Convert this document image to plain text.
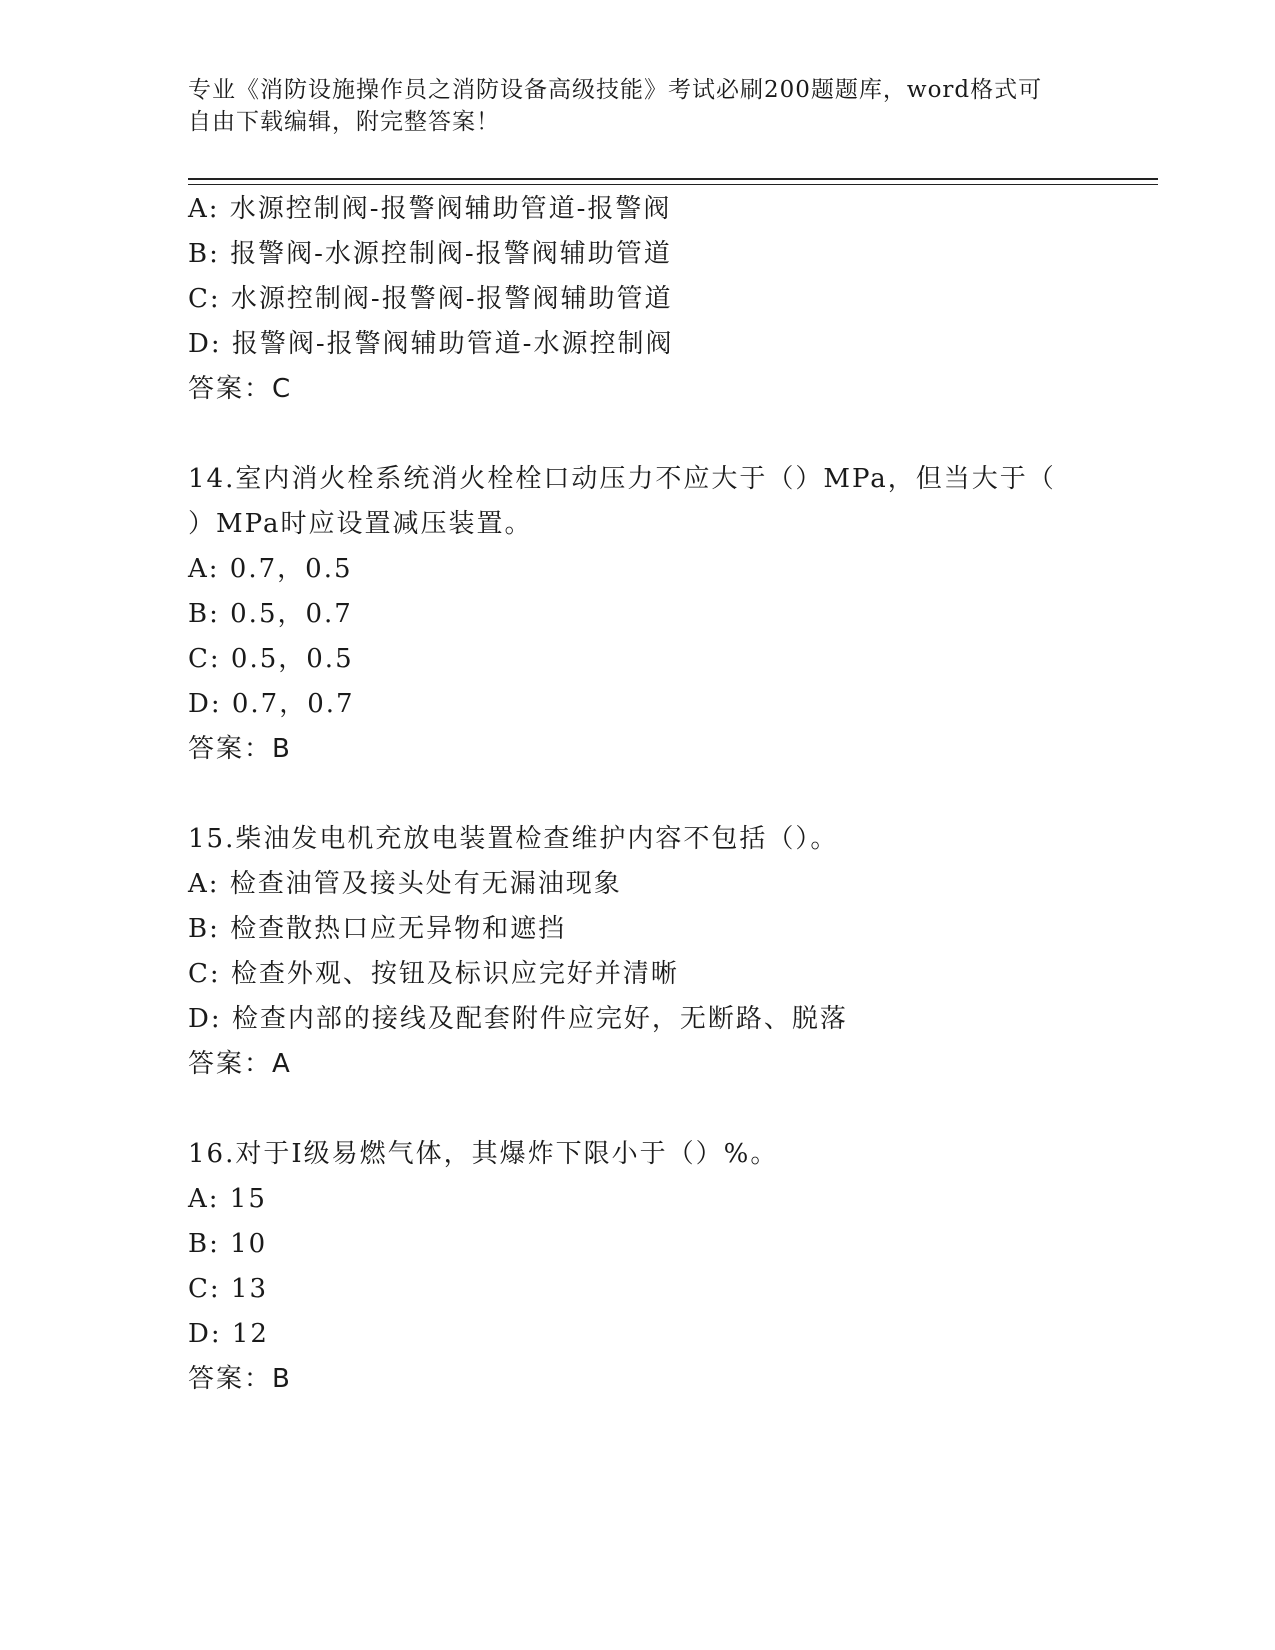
专业《消防设施操作员之消防设备高级技能》考试必刷200题题库，word格式可
自由下载编辑，附完整答案！
A: 水源控制阀-报警阀辅助管道-报警阀
B: 报警阀-水源控制阀-报警阀辅助管道
C: 水源控制阀-报警阀-报警阀辅助管道
D: 报警阀-报警阀辅助管道-水源控制阀
答案：C
14.室内消火栓系统消火栓栓口动压力不应大于（）MPa，但当大于（
）MPa时应设置减压装置。
A: 0.7，0.5
B: 0.5，0.7
C: 0.5，0.5
D: 0.7，0.7
答案：B
15.柴油发电机充放电装置检查维护内容不包括（）。
A: 检查油管及接头处有无漏油现象
B: 检查散热口应无异物和遮挡
C: 检查外观、按钮及标识应完好并清晰
D: 检查内部的接线及配套附件应完好，无断路、脱落
答案：A
16.对于Ⅰ级易燃气体，其爆炸下限小于（）%。
A: 15
B: 10
C: 13
D: 12
答案：B
